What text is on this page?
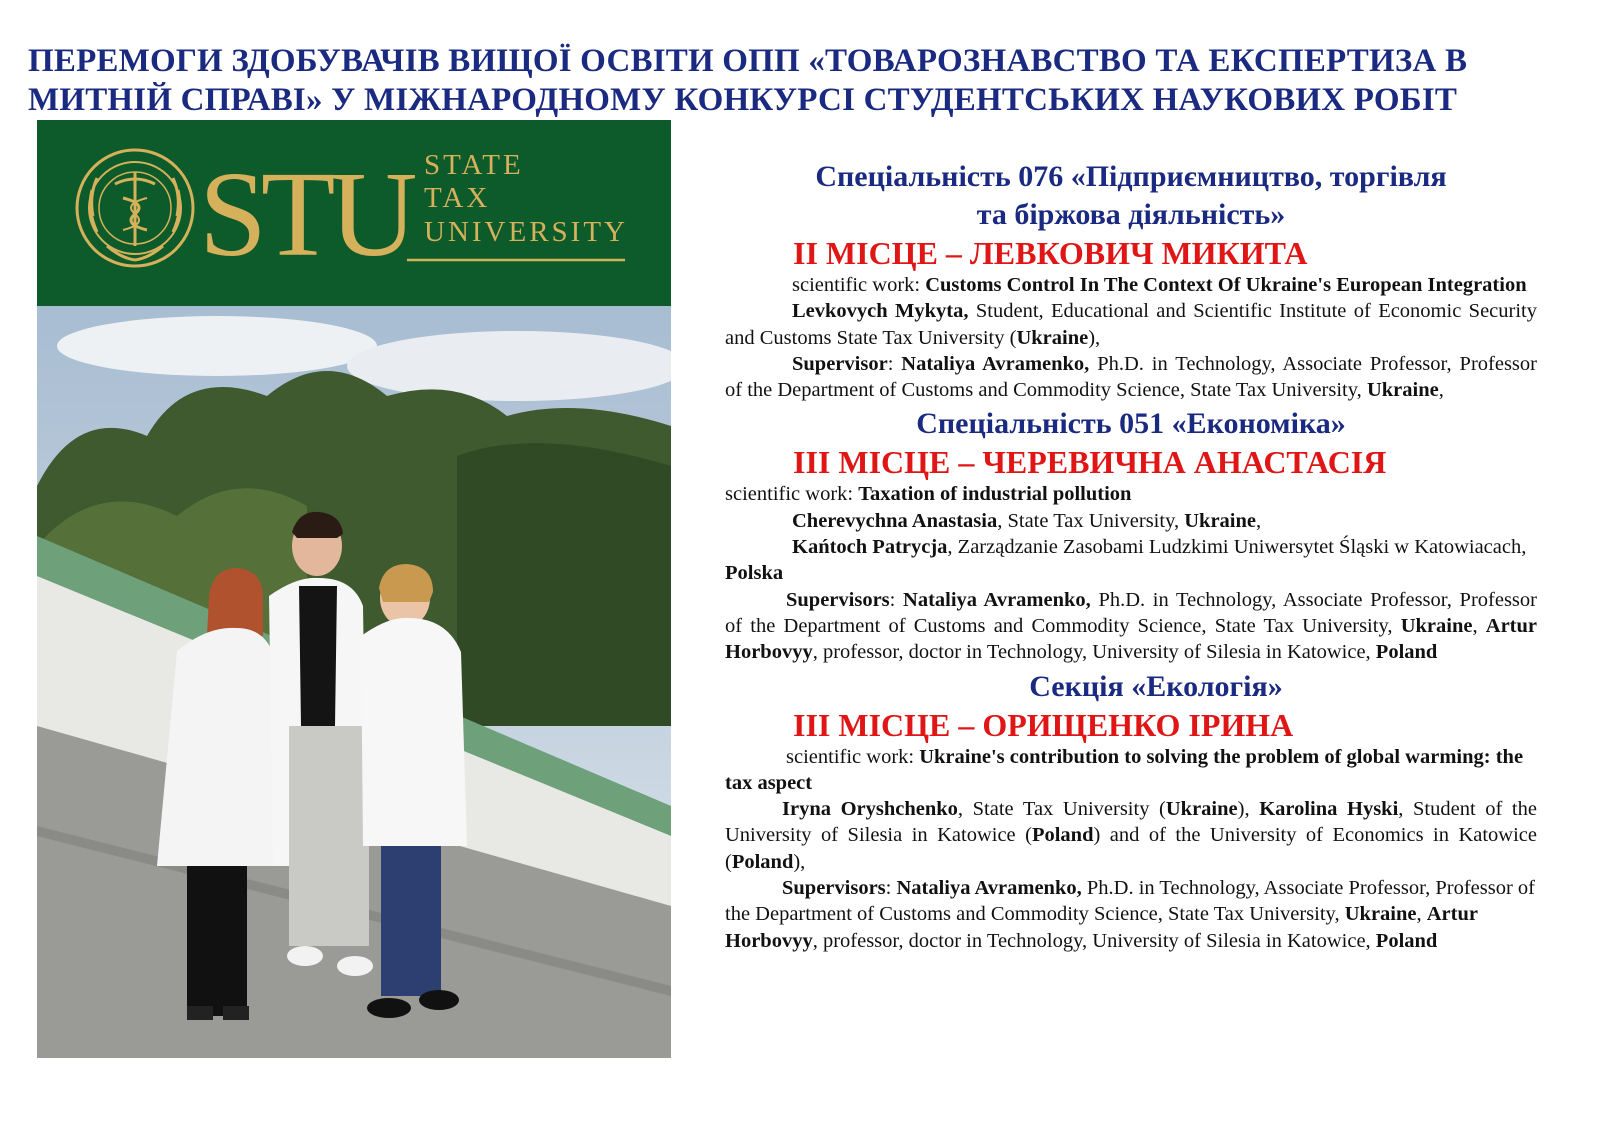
ПЕРЕМОГИ ЗДОБУВАЧІВ ВИЩОЇ ОСВІТИ ОПП «ТОВАРОЗНАВСТВО ТА ЕКСПЕРТИЗА В
МИТНІЙ СПРАВІ» У МІЖНАРОДНОМУ КОНКУРСІ СТУДЕНТСЬКИХ НАУКОВИХ РОБІТ
STU STATE
TAX
UNIVERSITY
Спеціальність 076 «Підприємництво, торгівля
та біржова діяльність»
ІІ МІСЦЕ – ЛЕВКОВИЧ МИКИТА
scientific work: Customs Control In The Context Of Ukraine's European Integration
Levkovych Mykyta, Student, Educational and Scientific Institute of Economic Security and Customs State Tax University (Ukraine),
Supervisor: Nataliya Avramenko, Ph.D. in Technology, Associate Professor, Professor of the Department of Customs and Commodity Science, State Tax University, Ukraine,
Спеціальність 051 «Економіка»
ІІІ МІСЦЕ – ЧЕРЕВИЧНА АНАСТАСІЯ
scientific work: Taxation of industrial pollution
Cherevychna Anastasia, State Tax University, Ukraine,
Kańtoch Patrycja, Zarządzanie Zasobami Ludzkimi Uniwersytet Śląski w Katowiacach, Polska
Supervisors: Nataliya Avramenko, Ph.D. in Technology, Associate Professor, Professor of the Department of Customs and Commodity Science, State Tax University, Ukraine, Artur Horbovyy, professor, doctor in Technology, University of Silesia in Katowice, Poland
Секція «Екологія»
ІІІ МІСЦЕ – ОРИЩЕНКО ІРИНА
scientific work: Ukraine's contribution to solving the problem of global warming: the tax aspect
Iryna Oryshchenko, State Tax University (Ukraine), Karolina Hyski, Student of the University of Silesia in Katowice (Poland) and of the University of Economics in Katowice (Poland),
Supervisors: Nataliya Avramenko, Ph.D. in Technology, Associate Professor, Professor of the Department of Customs and Commodity Science, State Tax University, Ukraine, Artur Horbovyy, professor, doctor in Technology, University of Silesia in Katowice, Poland
